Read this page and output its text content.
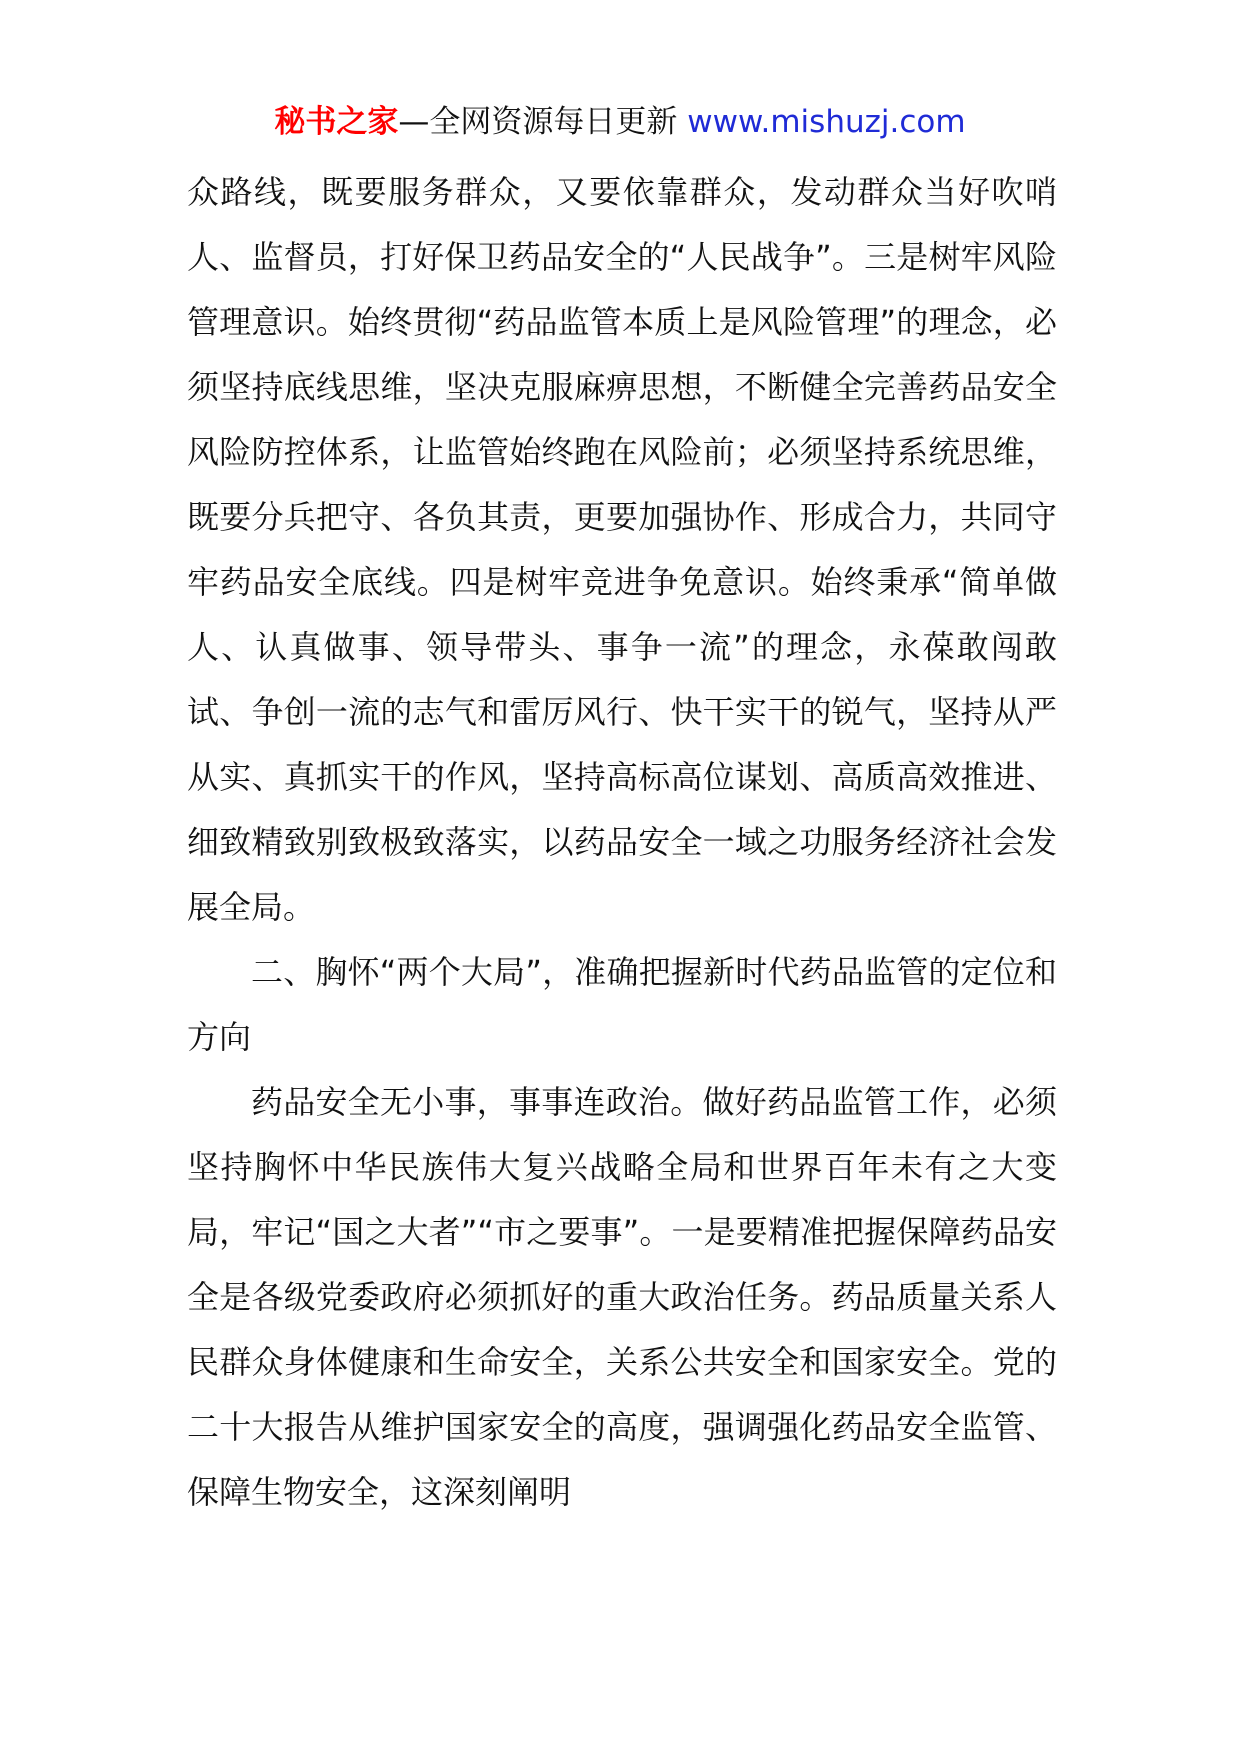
秘书之家—全网资源每日更新 www.mishuzj.com

众路线，既要服务群众，又要依靠群众，发动群众当好吹哨人、监督员，打好保卫药品安全的“人民战争”。三是树牢风险管理意识。始终贯彻“药品监管本质上是风险管理”的理念，必须坚持底线思维，坚决克服麻痹思想，不断健全完善药品安全风险防控体系，让监管始终跑在风险前；必须坚持系统思维，既要分兵把守、各负其责，更要加强协作、形成合力，共同守牢药品安全底线。四是树牢竞进争免意识。始终秉承“简单做人、认真做事、领导带头、事争一流”的理念，永葆敢闯敢试、争创一流的志气和雷厉风行、快干实干的锐气，坚持从严从实、真抓实干的作风，坚持高标高位谋划、高质高效推进、细致精致别致极致落实，以药品安全一域之功服务经济社会发展全局。

二、胸怀“两个大局”，准确把握新时代药品监管的定位和方向

药品安全无小事，事事连政治。做好药品监管工作，必须坚持胸怀中华民族伟大复兴战略全局和世界百年未有之大变局，牢记“国之大者”“市之要事”。一是要精准把握保障药品安全是各级党委政府必须抓好的重大政治任务。药品质量关系人民群众身体健康和生命安全，关系公共安全和国家安全。党的二十大报告从维护国家安全的高度，强调强化药品安全监管、保障生物安全，这深刻阐明
